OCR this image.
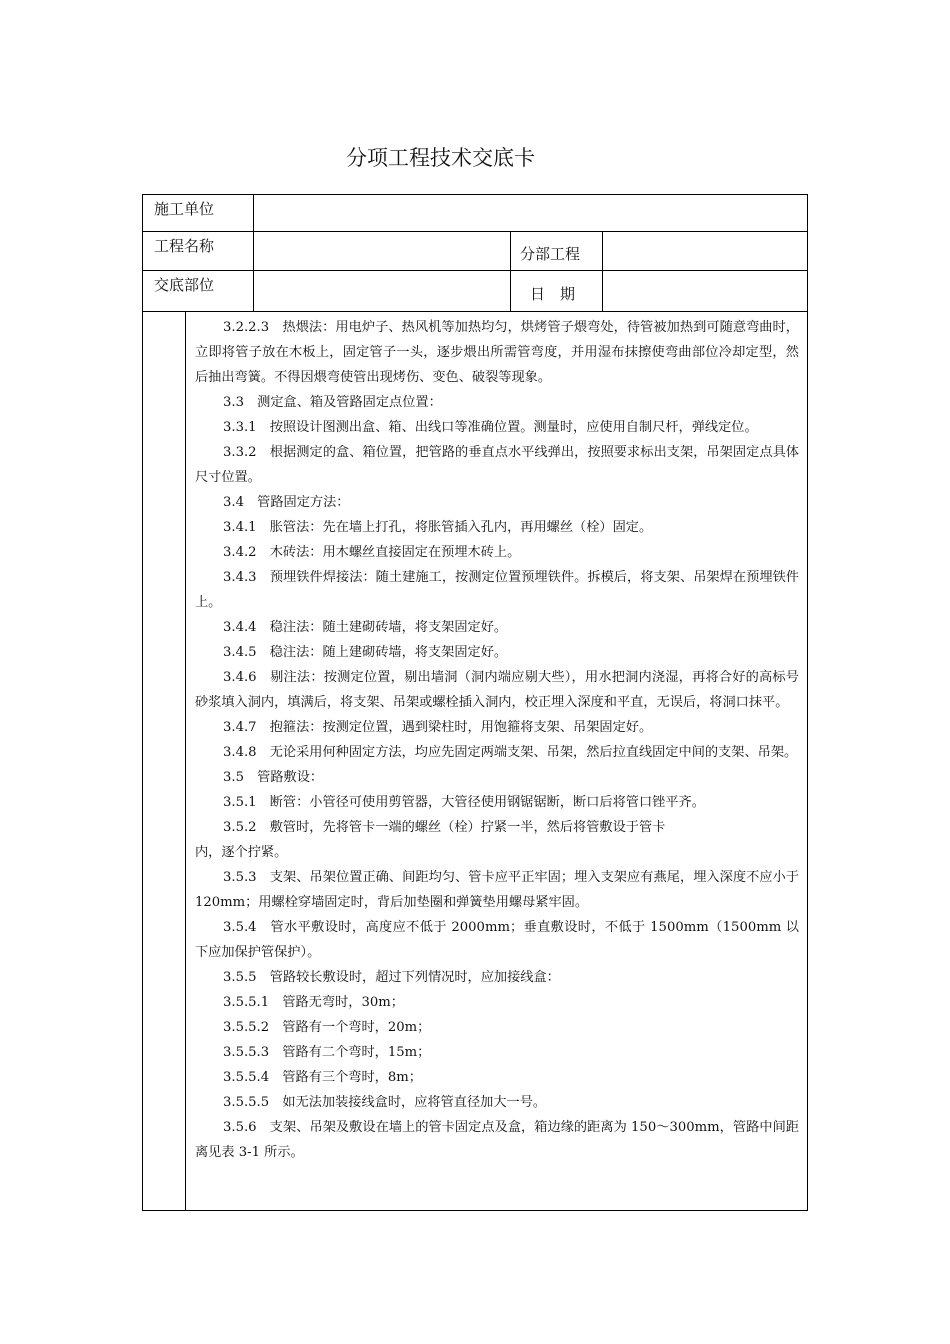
分项工程技术交底卡
施工单位
工程名称	分部工程
交底部位	日　期

3.2.2.3　热煨法：用电炉子、热风机等加热均匀，烘烤管子煨弯处，待管被加热到可随意弯曲时，立即将管子放在木板上，固定管子一头，逐步煨出所需管弯度，并用湿布抹擦使弯曲部位冷却定型，然后抽出弯簧。不得因煨弯使管出现烤伤、变色、破裂等现象。

3.3　测定盒、箱及管路固定点位置：

3.3.1　按照设计图测出盒、箱、出线口等准确位置。测量时，应使用自制尺杆，弹线定位。

3.3.2　根据测定的盒、箱位置，把管路的垂直点水平线弹出，按照要求标出支架，吊架固定点具体尺寸位置。

3.4　管路固定方法：

3.4.1　胀管法：先在墙上打孔，将胀管插入孔内，再用螺丝（栓）固定。

3.4.2　木砖法：用木螺丝直接固定在预埋木砖上。

3.4.3　预埋铁件焊接法：随土建施工，按测定位置预埋铁件。拆模后，将支架、吊架焊在预埋铁件上。

3.4.4　稳注法：随土建砌砖墙，将支架固定好。

3.4.5　稳注法：随上建砌砖墙，将支架固定好。

3.4.6　剔注法：按测定位置，剔出墙洞（洞内端应剔大些），用水把洞内浇湿，再将合好的高标号砂浆填入洞内，填满后，将支架、吊架或螺栓插入洞内，校正埋入深度和平直，无误后，将洞口抹平。

3.4.7　抱箍法：按测定位置，遇到梁柱时，用饱箍将支架、吊架固定好。

3.4.8　无论采用何种固定方法，均应先固定两端支架、吊架，然后拉直线固定中间的支架、吊架。

3.5　管路敷设：

3.5.1　断管：小管径可使用剪管器，大管径使用钢锯锯断，断口后将管口锉平齐。

3.5.2　敷管时，先将管卡一端的螺丝（栓）拧紧一半，然后将管敷设于管卡

内，逐个拧紧。

3.5.3　支架、吊架位置正确、间距均匀、管卡应平正牢固；埋入支架应有燕尾，埋入深度不应小于 120mm；用螺栓穿墙固定时，背后加垫圈和弹簧垫用螺母紧牢固。

3.5.4　管水平敷设时，高度应不低于 2000mm；垂直敷设时，不低于 1500mm（1500mm 以下应加保护管保护）。

3.5.5　管路较长敷设时，超过下列情况时，应加接线盒：

3.5.5.1　管路无弯时，30m；

3.5.5.2　管路有一个弯时，20m；

3.5.5.3　管路有二个弯时，15m；

3.5.5.4　管路有三个弯时，8m；

3.5.5.5　如无法加装接线盒时，应将管直径加大一号。

3.5.6　支架、吊架及敷设在墙上的管卡固定点及盒，箱边缘的距离为 150～300mm，管路中间距离见表 3-1 所示。
